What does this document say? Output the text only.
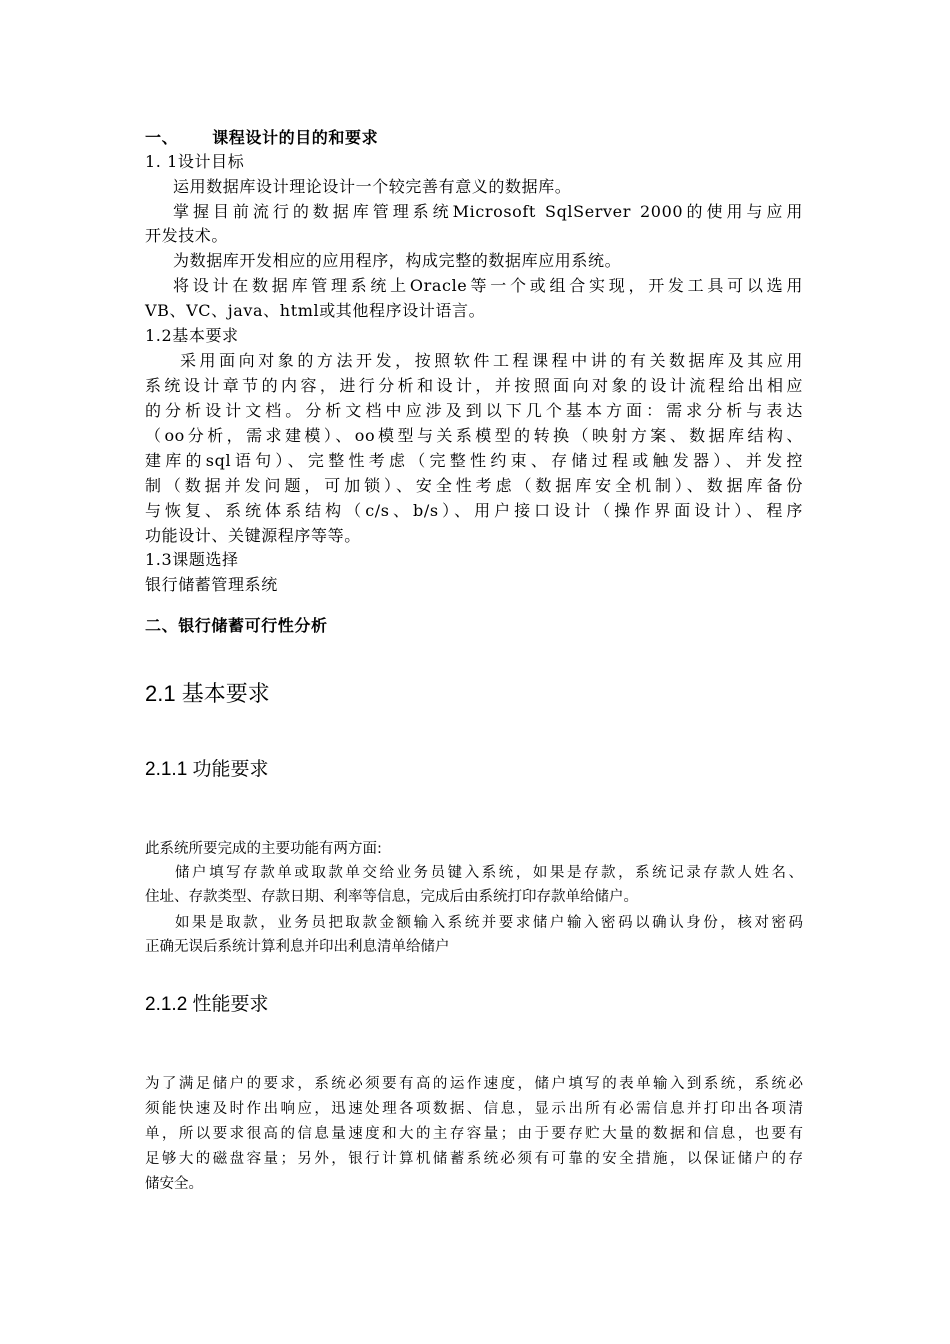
一、 课程设计的目的和要求
1. 1设计目标
运用数据库设计理论设计一个较完善有意义的数据库。
掌握目前流行的数据库管理系统Microsoft SqlServer 2000的使用与应用
开发技术。
为数据库开发相应的应用程序，构成完整的数据库应用系统。
将设计在数据库管理系统上Oracle等一个或组合实现，开发工具可以选用
VB、VC、java、html或其他程序设计语言。
1.2基本要求
采用面向对象的方法开发，按照软件工程课程中讲的有关数据库及其应用
系统设计章节的内容，进行分析和设计，并按照面向对象的设计流程给出相应
的分析设计文档。分析文档中应涉及到以下几个基本方面：需求分析与表达
（oo分析，需求建模）、oo模型与关系模型的转换（映射方案、数据库结构、
建库的sql语句）、完整性考虑（完整性约束、存储过程或触发器）、并发控
制（数据并发问题，可加锁）、安全性考虑（数据库安全机制）、数据库备份
与恢复、系统体系结构（c/s、b/s）、用户接口设计（操作界面设计）、程序
功能设计、关键源程序等等。
1.3课题选择
银行储蓄管理系统
二、银行储蓄可行性分析
2.1 基本要求
2.1.1 功能要求
此系统所要完成的主要功能有两方面:
储户填写存款单或取款单交给业务员键入系统，如果是存款，系统记录存款人姓名、
住址、存款类型、存款日期、利率等信息，完成后由系统打印存款单给储户。
如果是取款，业务员把取款金额输入系统并要求储户输入密码以确认身份，核对密码
正确无误后系统计算利息并印出利息清单给储户
2.1.2 性能要求
为了满足储户的要求，系统必须要有高的运作速度，储户填写的表单输入到系统，系统必
须能快速及时作出响应，迅速处理各项数据、信息，显示出所有必需信息并打印出各项清
单，所以要求很高的信息量速度和大的主存容量；由于要存贮大量的数据和信息，也要有
足够大的磁盘容量；另外，银行计算机储蓄系统必须有可靠的安全措施，以保证储户的存
储安全。
